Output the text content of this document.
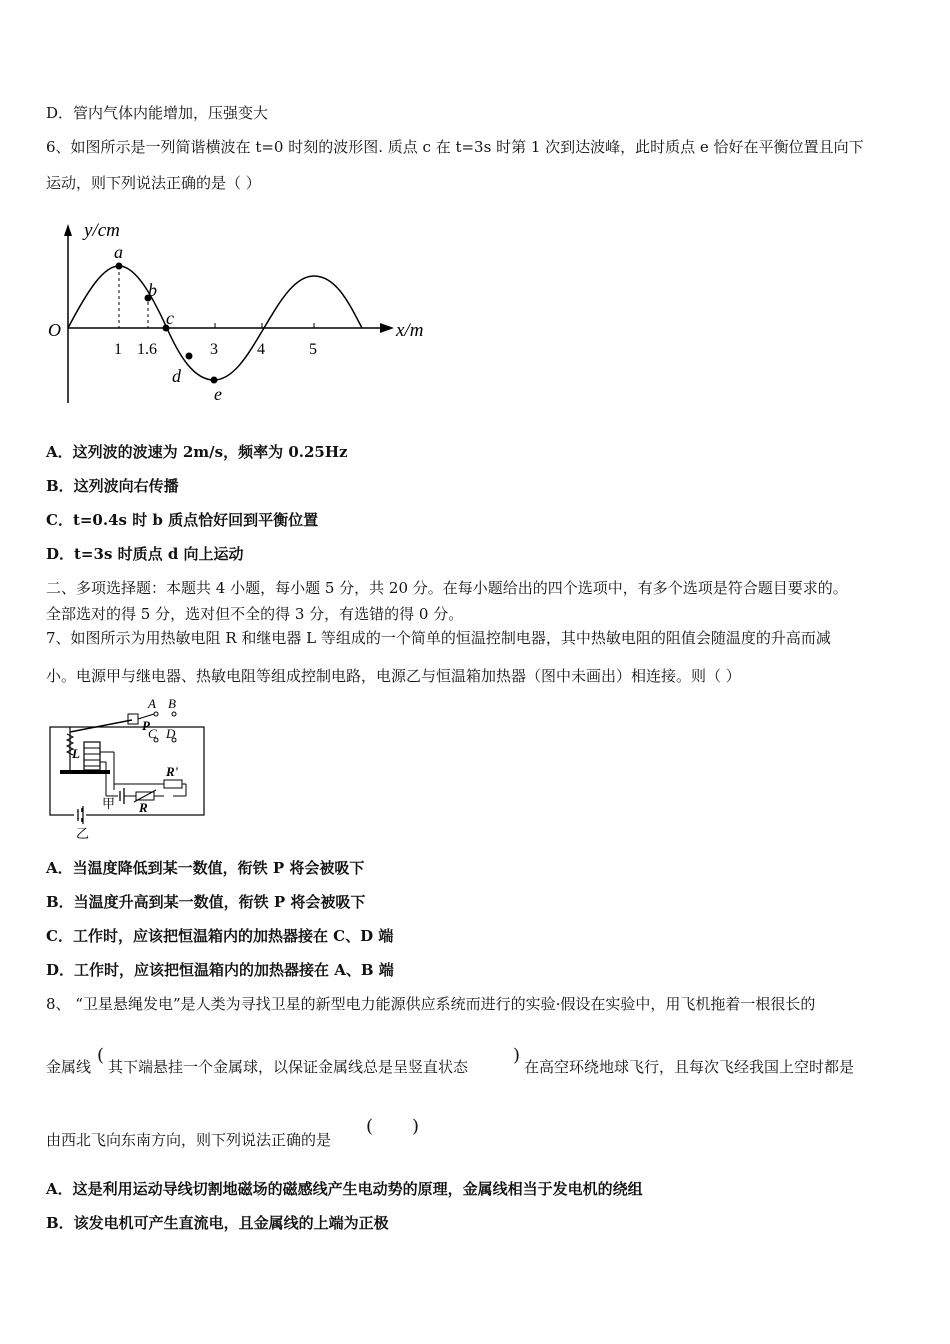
D．管内气体内能增加，压强变大
6、如图所示是一列简谐横波在 t=0 时刻的波形图. 质点 c 在 t=3s 时第 1 次到达波峰，此时质点 e 恰好在平衡位置且向下
运动，则下列说法正确的是（ ）
y/cm
x/m
O
1 1.6	3 4	5
a
b
c
d
e
A．这列波的波速为 2m/s，频率为 0.25Hz
B．这列波向右传播
C．t=0.4s 时 b 质点恰好回到平衡位置
D．t=3s 时质点 d 向上运动
二、多项选择题：本题共 4 小题，每小题 5 分，共 20 分。在每小题给出的四个选项中，有多个选项是符合题目要求的。
全部选对的得 5 分，选对但不全的得 3 分，有选错的得 0 分。
7、如图所示为用热敏电阻 R 和继电器 L 等组成的一个简单的恒温控制电器，其中热敏电阻的阻值会随温度的升高而减
小。电源甲与继电器、热敏电阻等组成控制电路，电源乙与恒温箱加热器（图中未画出）相连接。则（ ）
A B
P
C D
L
R'
R
甲
乙
A．当温度降低到某一数值，衔铁 P 将会被吸下
B．当温度升高到某一数值，衔铁 P 将会被吸下
C．工作时，应该把恒温箱内的加热器接在 C、D 端
D．工作时，应该把恒温箱内的加热器接在 A、B 端
8、 “卫星悬绳发电”是人类为寻找卫星的新型电力能源供应系统而进行的实验·假设在实验中，用飞机拖着一根很长的
金属线
(
其下端悬挂一个金属球，以保证金属线总是呈竖直状态
)
在高空环绕地球飞行，且每次飞经我国上空时都是
由西北飞向东南方向，则下列说法正确的是
( )
A．这是利用运动导线切割地磁场的磁感线产生电动势的原理，金属线相当于发电机的绕组
B．该发电机可产生直流电，且金属线的上端为正极
